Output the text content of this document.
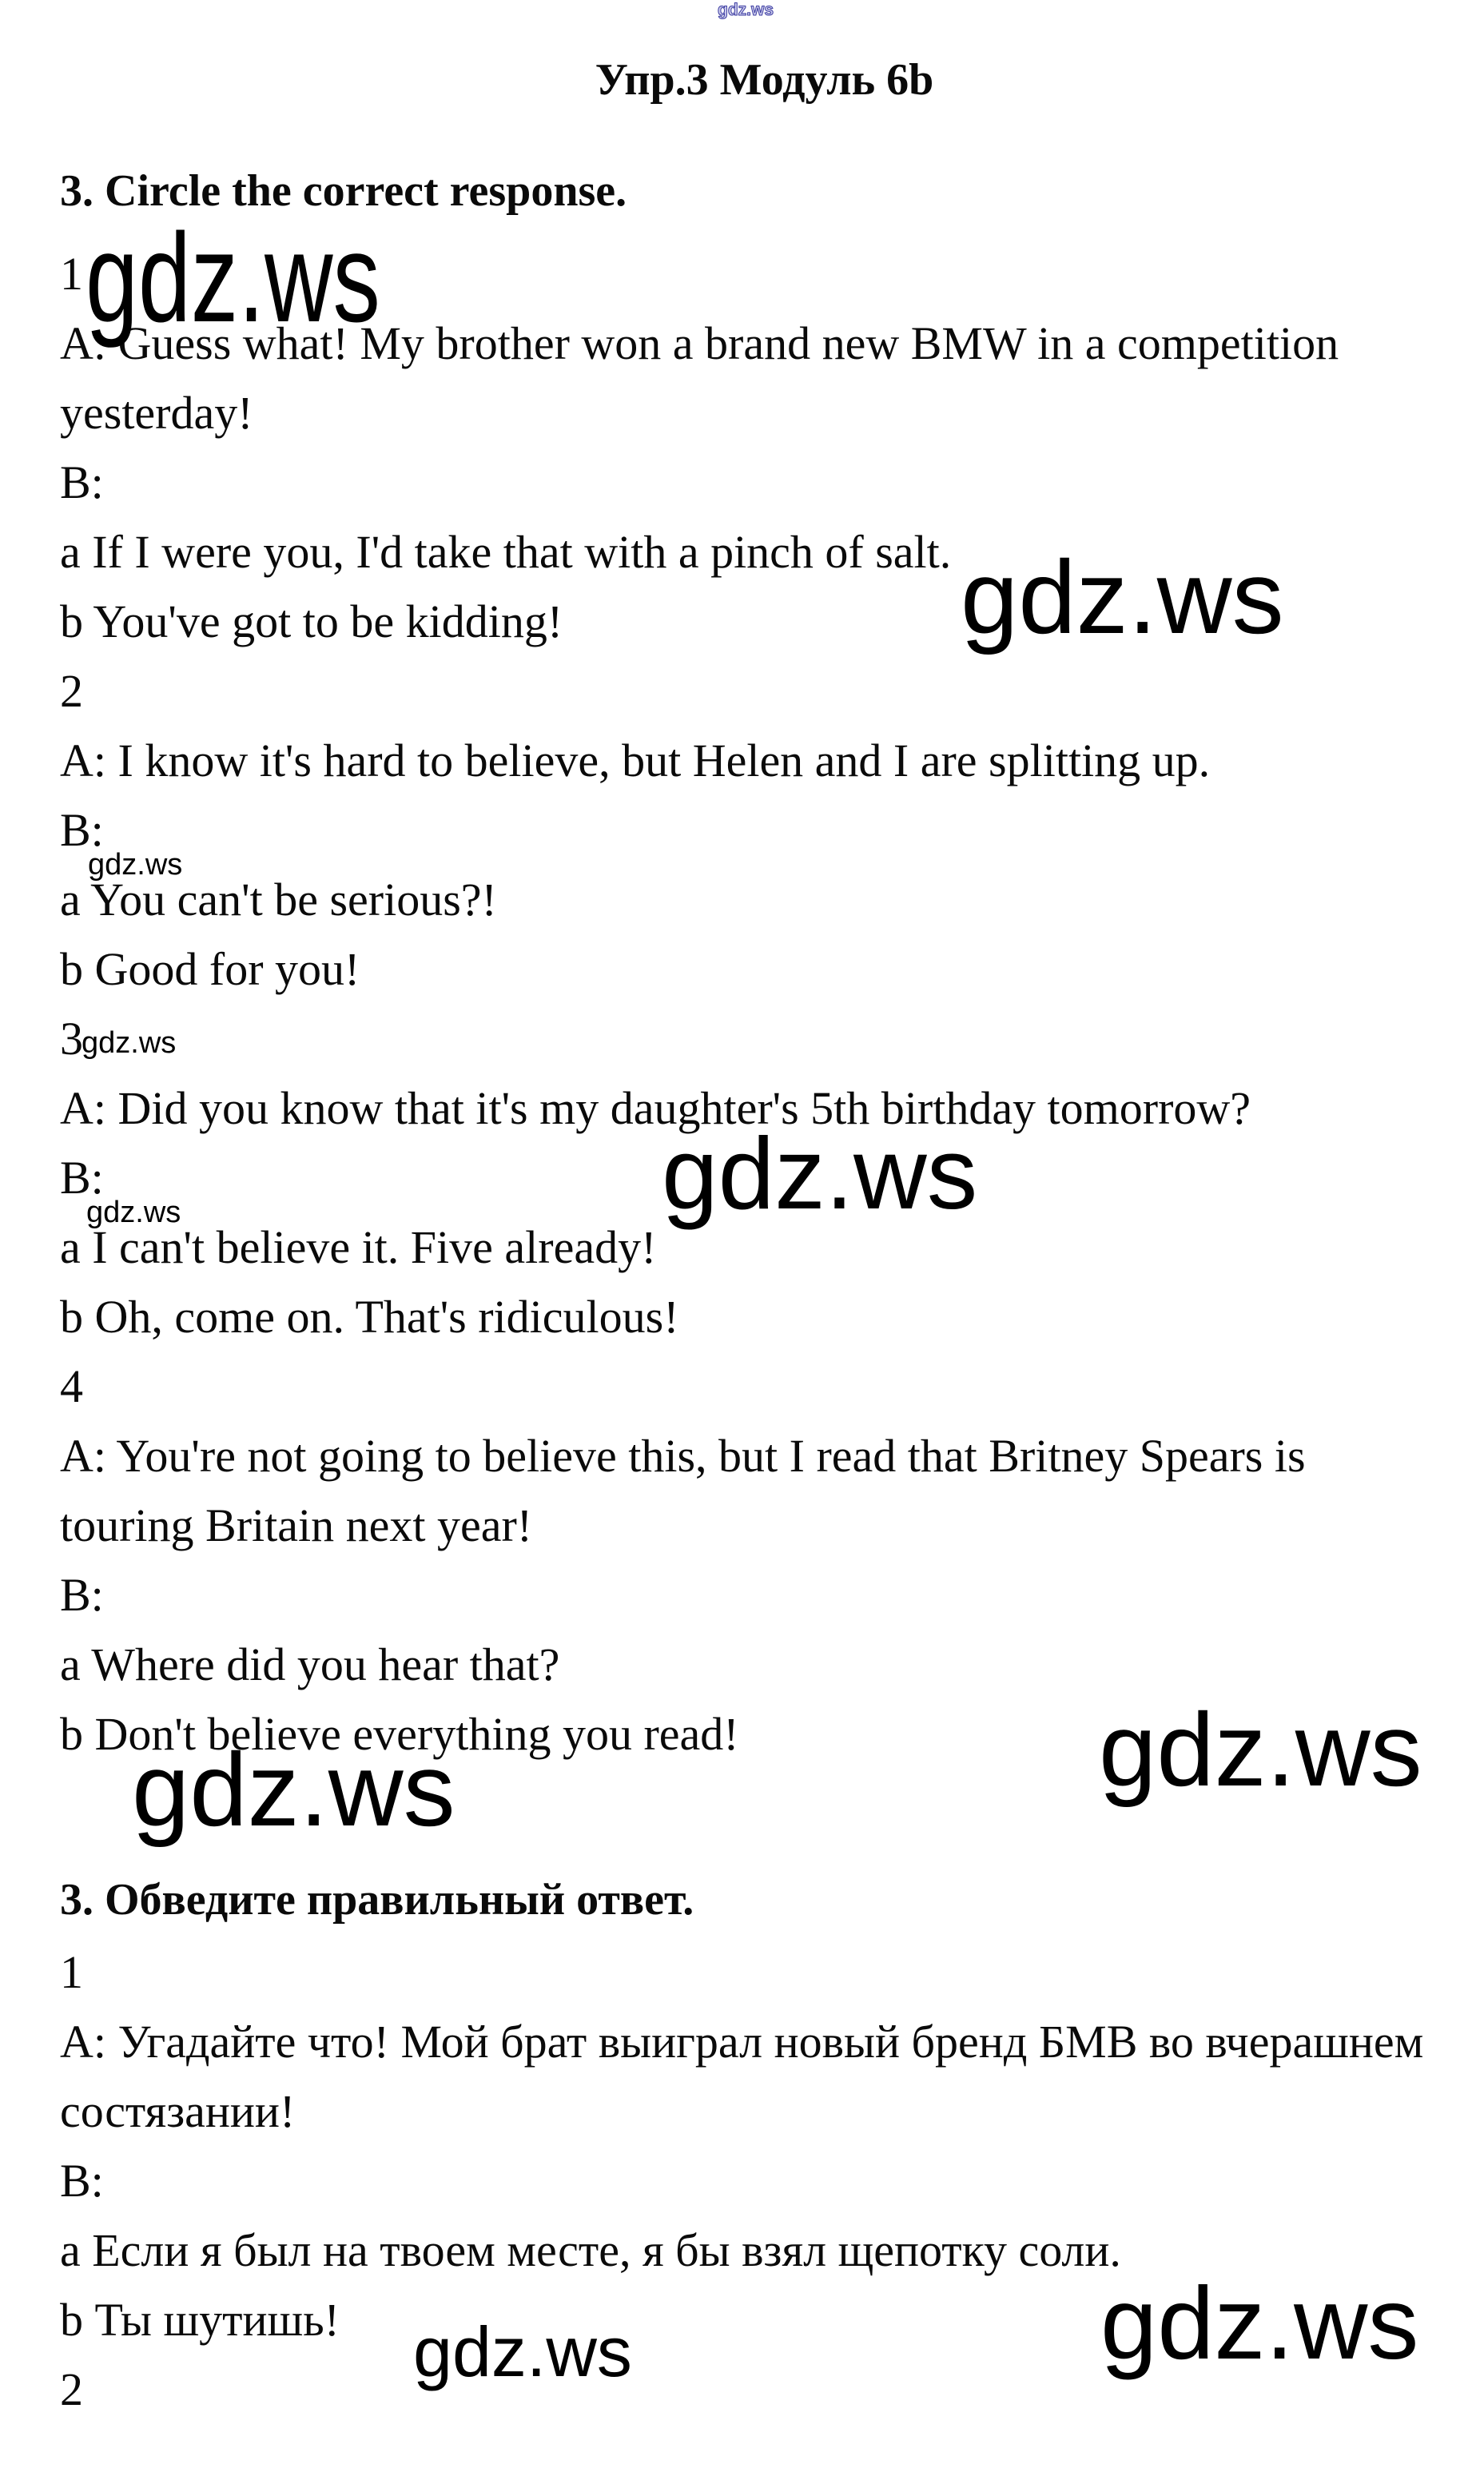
gdz.ws
Упр.3 Модуль 6b
3. Circle the correct response.
1
A: Guess what! My brother won a brand new BMW in a competition
yesterday!
B:
a If I were you, I'd take that with a pinch of salt.
b You've got to be kidding!
2
A: I know it's hard to believe, but Helen and I are splitting up.
B:
a You can't be serious?!
b Good for you!
3
A: Did you know that it's my daughter's 5th birthday tomorrow?
B:
a I can't believe it. Five already!
b Oh, come on. That's ridiculous!
4
A: You're not going to believe this, but I read that Britney Spears is
touring Britain next year!
B:
a Where did you hear that?
b Don't believe everything you read!
3. Обведите правильный ответ.
1
А: Угадайте что! Мой брат выиграл новый бренд БМВ во вчерашнем
состязании!
В:
а Если я был на твоем месте, я бы взял щепотку соли.
b Ты шутишь!
2
gdz.ws
gdz.ws
gdz.ws
gdz.ws
gdz.ws
gdz.ws
gdz.ws
gdz.ws
gdz.ws
gdz.ws
